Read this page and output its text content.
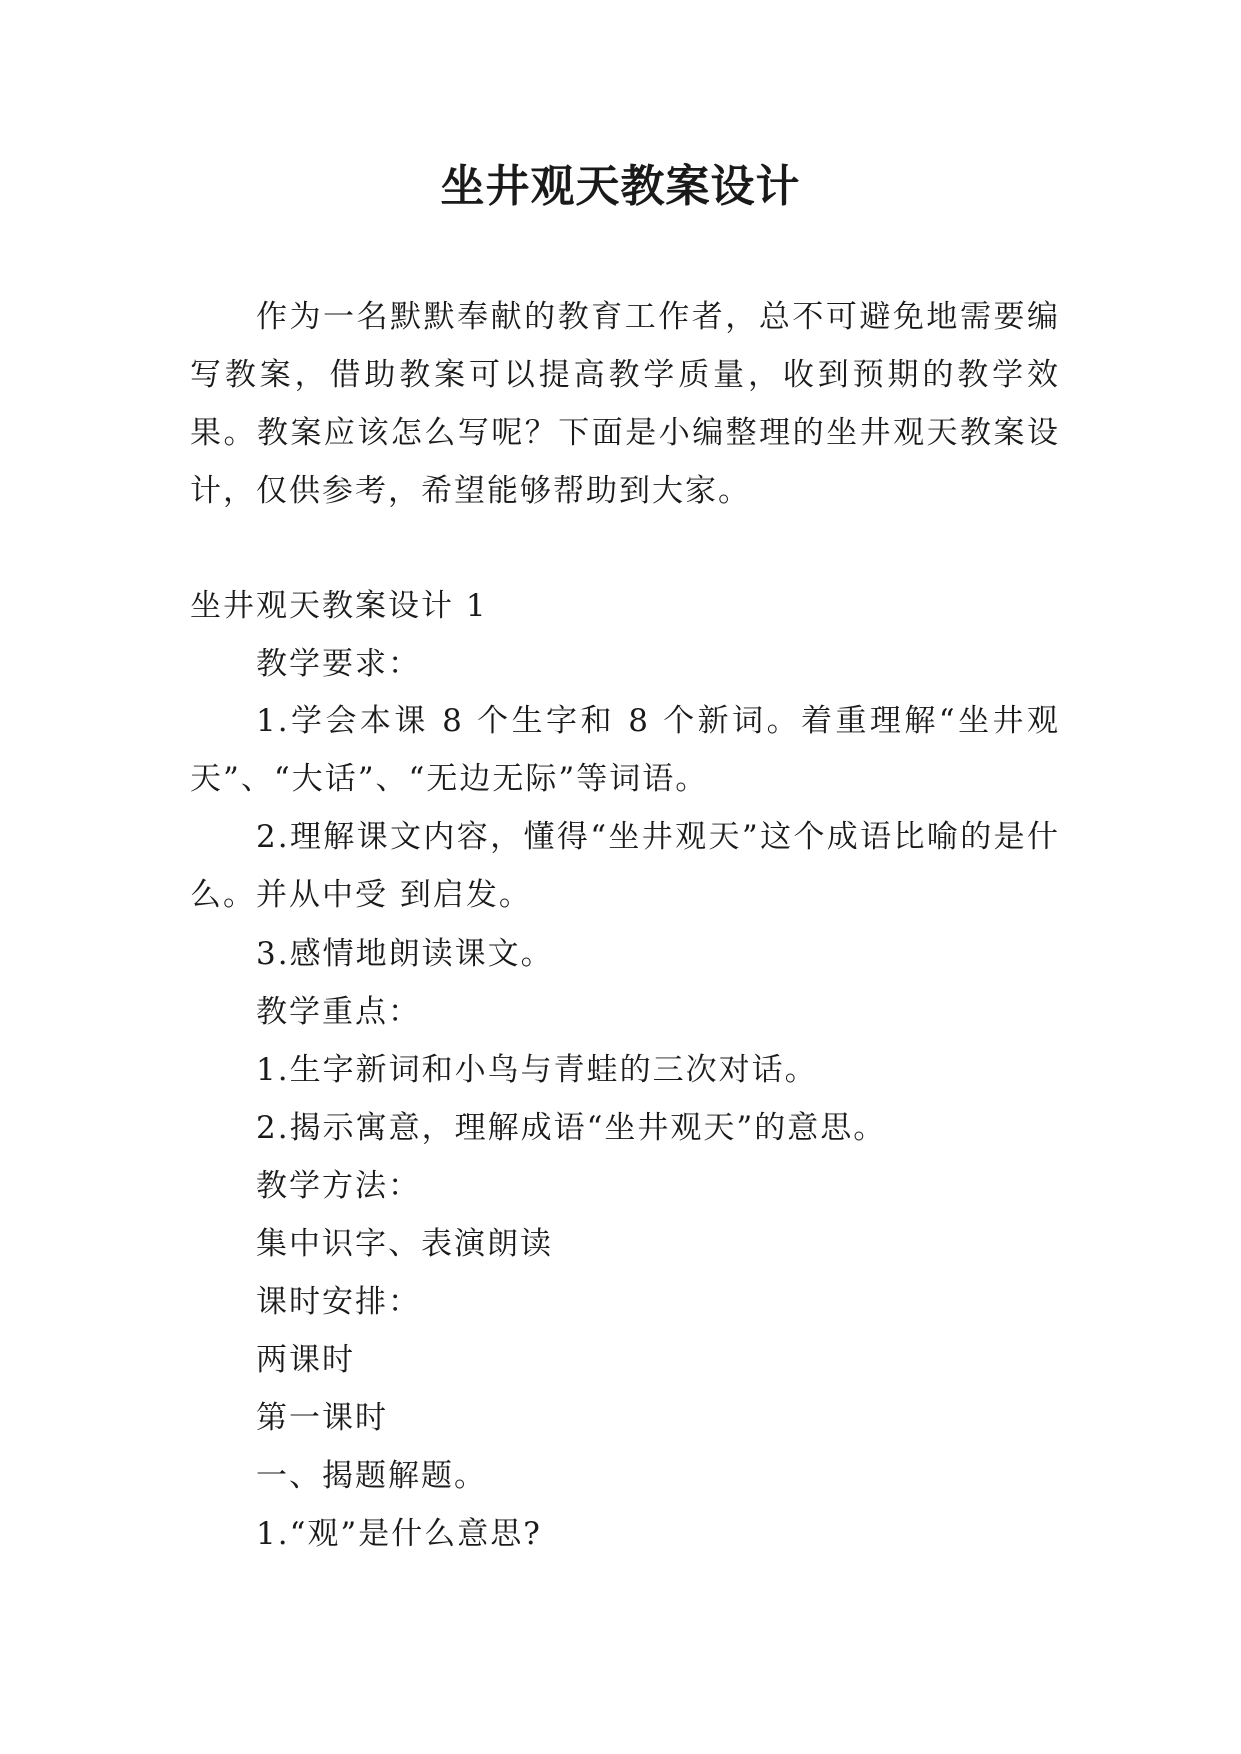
坐井观天教案设计
作为一名默默奉献的教育工作者，总不可避免地需要编写教案，借助教案可以提高教学质量，收到预期的教学效果。教案应该怎么写呢？下面是小编整理的坐井观天教案设计，仅供参考，希望能够帮助到大家。
坐井观天教案设计 1
教学要求：
1.学会本课 8 个生字和 8 个新词。着重理解“坐井观天”、“大话”、“无边无际”等词语。
2.理解课文内容，懂得“坐井观天”这个成语比喻的是什么。并从中受 到启发。
3.感情地朗读课文。
教学重点：
1.生字新词和小鸟与青蛙的三次对话。
2.揭示寓意，理解成语“坐井观天”的意思。
教学方法：
集中识字、表演朗读
课时安排：
两课时
第一课时
一、揭题解题。
1.“观”是什么意思?
